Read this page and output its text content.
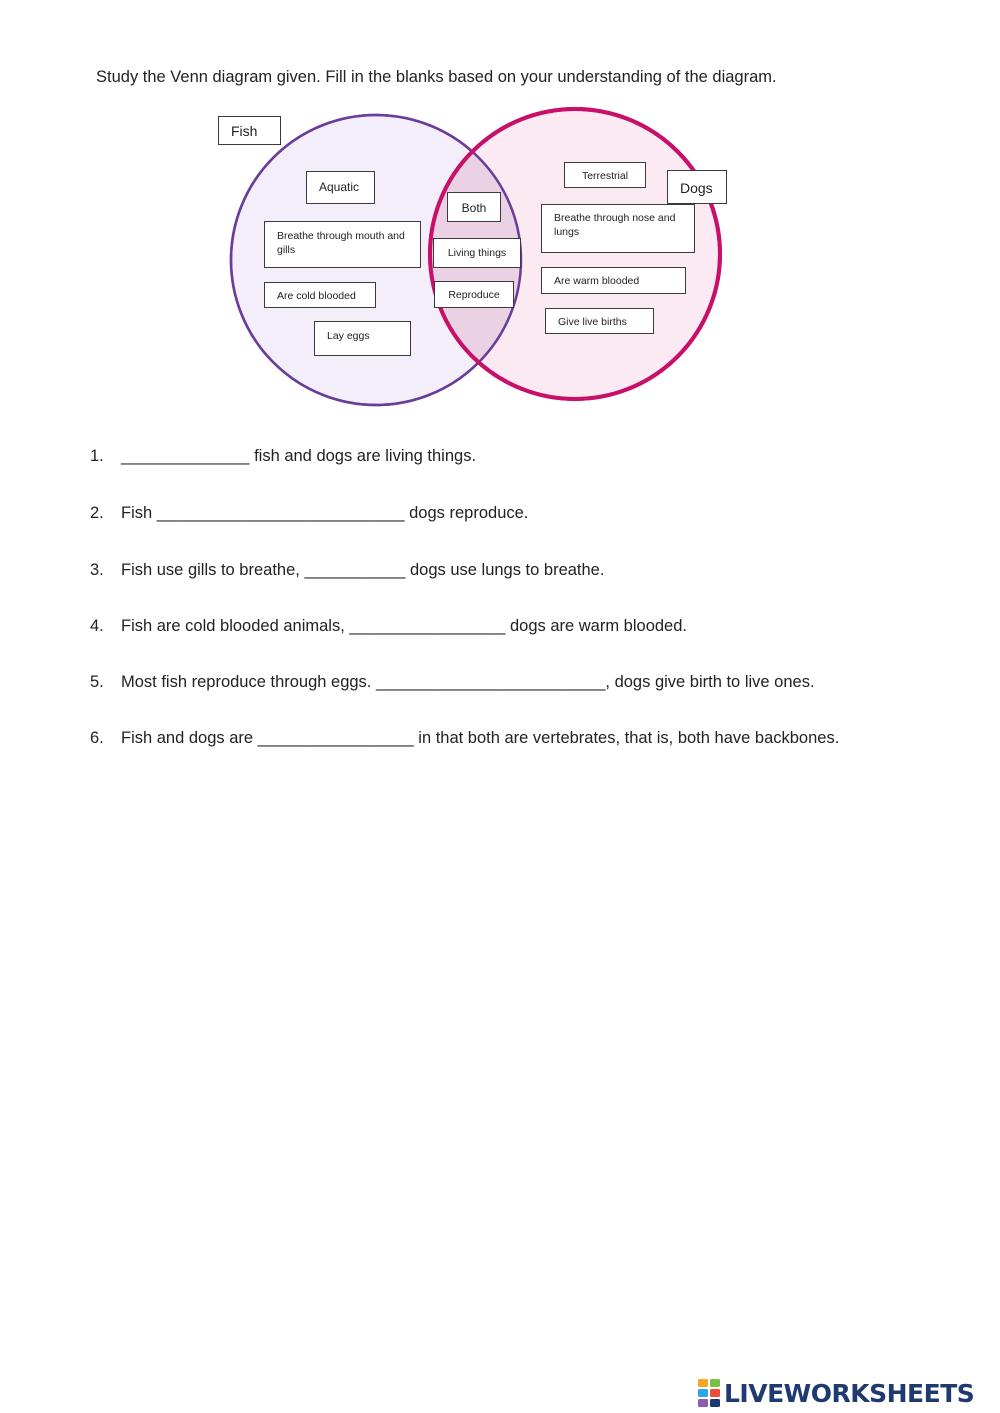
Study the Venn diagram given. Fill in the blanks based on your understanding of the diagram.
Fish
Dogs
Aquatic
Breathe through mouth and gills
Are cold blooded
Lay eggs
Both
Living things
Reproduce
Terrestrial
Breathe through nose and lungs
Are warm blooded
Give live births
1. ______________ fish and dogs are living things.
2. Fish ___________________________ dogs reproduce.
3. Fish use gills to breathe, ___________ dogs use lungs to breathe.
4. Fish are cold blooded animals, _________________ dogs are warm blooded.
5. Most fish reproduce through eggs. _________________________, dogs give birth to live ones.
6. Fish and dogs are _________________ in that both are vertebrates, that is, both have backbones.
LIVEWORKSHEETS
